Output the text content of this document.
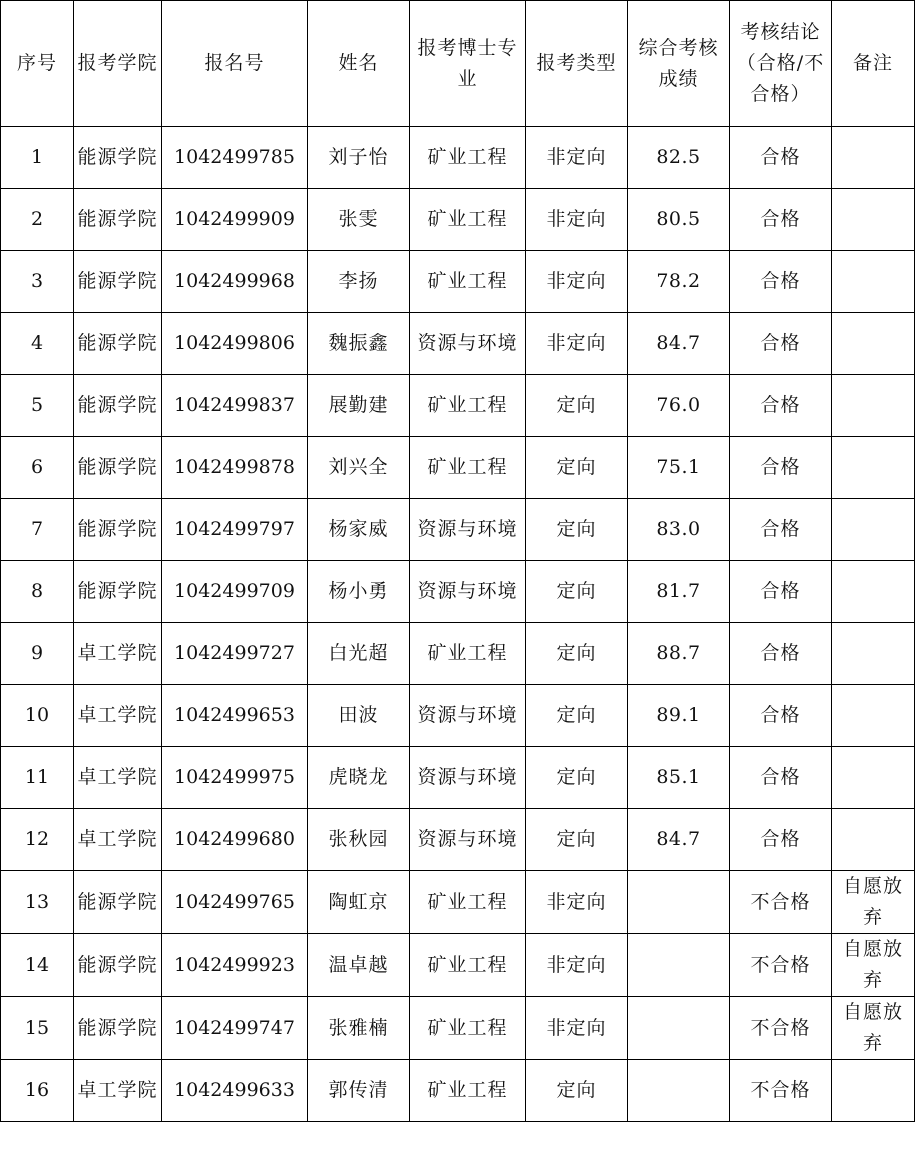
序号	报考学院	报名号	姓名	报考博士专业	报考类型	综合考核成绩	考核结论（合格/不合格）	备注
1	能源学院	1042499785	刘子怡	矿业工程	非定向	82.5	合格	
2	能源学院	1042499909	张雯	矿业工程	非定向	80.5	合格	
3	能源学院	1042499968	李扬	矿业工程	非定向	78.2	合格	
4	能源学院	1042499806	魏振鑫	资源与环境	非定向	84.7	合格	
5	能源学院	1042499837	展勤建	矿业工程	定向	76.0	合格	
6	能源学院	1042499878	刘兴全	矿业工程	定向	75.1	合格	
7	能源学院	1042499797	杨家威	资源与环境	定向	83.0	合格	
8	能源学院	1042499709	杨小勇	资源与环境	定向	81.7	合格	
9	卓工学院	1042499727	白光超	矿业工程	定向	88.7	合格	
10	卓工学院	1042499653	田波	资源与环境	定向	89.1	合格	
11	卓工学院	1042499975	虎晓龙	资源与环境	定向	85.1	合格	
12	卓工学院	1042499680	张秋园	资源与环境	定向	84.7	合格	
13	能源学院	1042499765	陶虹京	矿业工程	非定向		不合格	自愿放弃
14	能源学院	1042499923	温卓越	矿业工程	非定向		不合格	自愿放弃
15	能源学院	1042499747	张雅楠	矿业工程	非定向		不合格	自愿放弃
16	卓工学院	1042499633	郭传清	矿业工程	定向		不合格	
